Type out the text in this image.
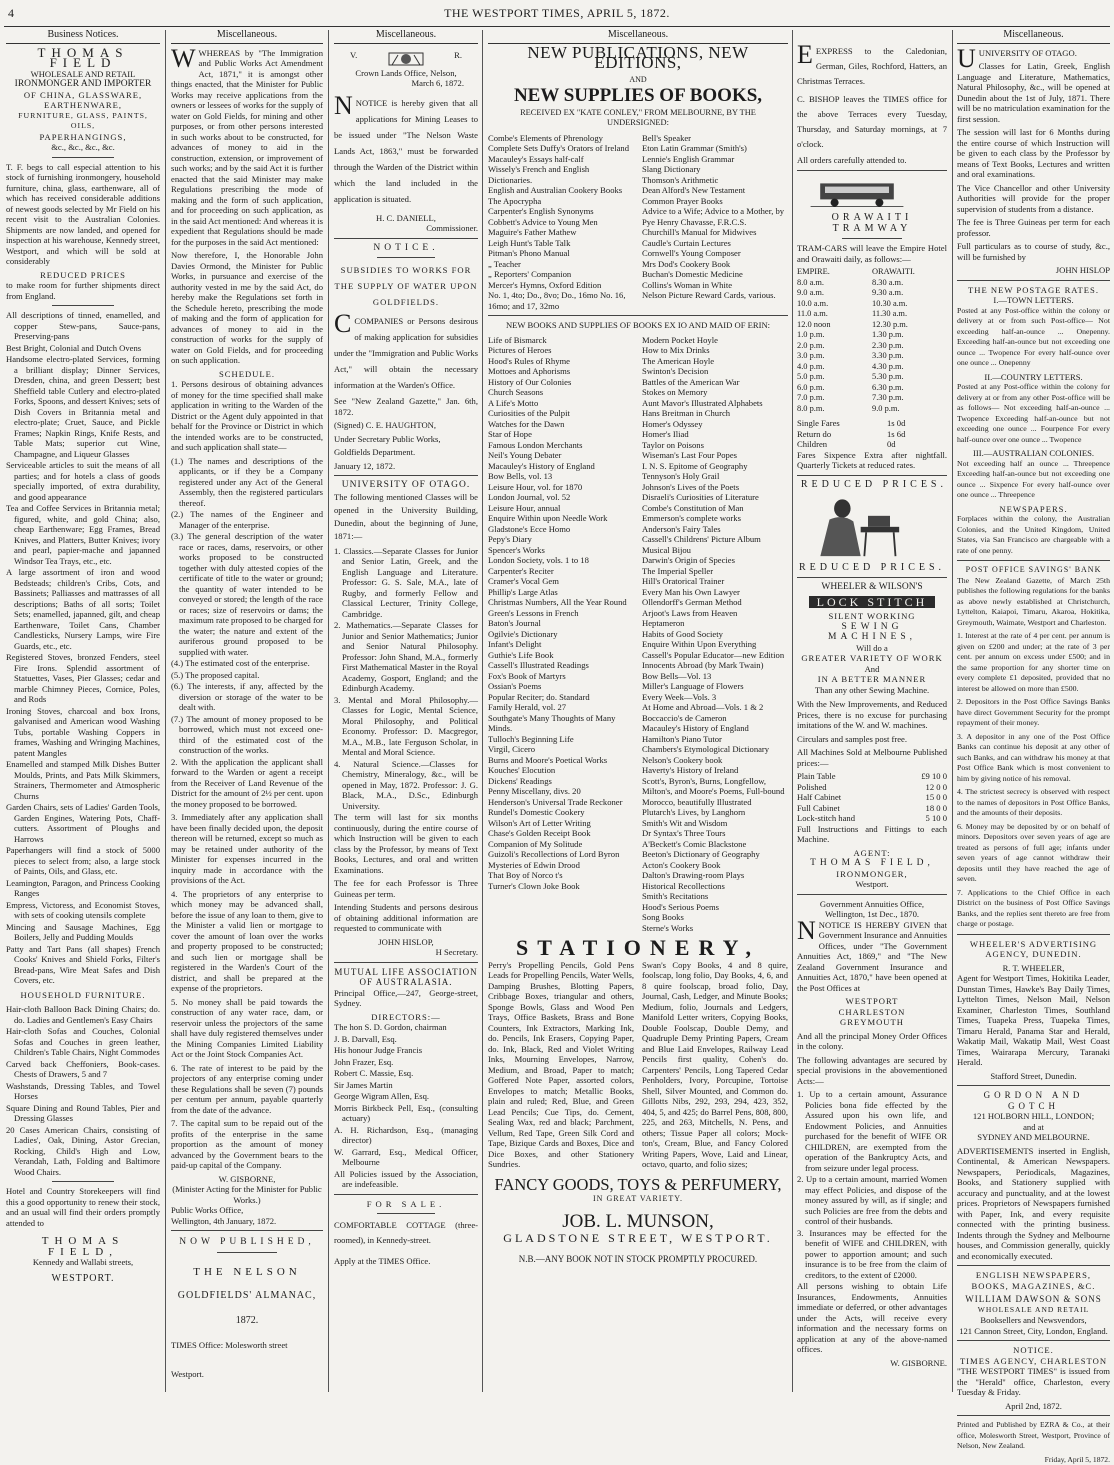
4	THE WESTPORT TIMES, APRIL 5, 1872.
Business Notices.
THOMAS FIELD
WHOLESALE AND RETAIL
IRONMONGER AND IMPORTER
OF CHINA, GLASSWARE,
EARTHENWARE,
FURNITURE, GLASS, PAINTS, OILS,
PAPERHANGINGS,
&c., &c., &c., &c.

T. F. begs to call especial attention to his stock of furnishing ironmongery, household furniture, china, glass, earthenware, all of which has received considerable additions of newest goods selected by Mr Field on his recent visit to the Australian Colonies. Shipments are now landed, and opened for inspection at his warehouse, Kennedy street, Westport, and which will be sold at considerably

REDUCED PRICES

to make room for further shipments direct from England.

All descriptions of tinned, enamelled, and copper Stew-pans, Sauce-pans, Preserving-pans

Best Bright, Colonial and Dutch Ovens

Handsome electro-plated Services, forming a brilliant display; Dinner Services, Dresden, china, and green Dessert; best Sheffield table Cutlery and electro-plated Forks, Spoons, and dessert Knives; sets of Dish Covers in Britannia metal and electro-plate; Cruet, Sauce, and Pickle Frames; Napkin Rings, Knife Rests, and Table Mats; superior cut Wine, Champagne, and Liqueur Glasses

Serviceable articles to suit the means of all parties; and for hotels a class of goods specially imported, of extra durability, and good appearance

Tea and Coffee Services in Britannia metal; figured, white, and gold China; also, cheap Earthenware; Egg Frames, Bread Knives, and Platters, Butter Knives; ivory and pearl, papier-mache and japanned Windsor Tea Trays, etc., etc.

A large assortment of iron and wood Bedsteads; children's Cribs, Cots, and Bassinets; Palliasses and mattrasses of all descriptions; Baths of all sorts; Toilet Sets; enamelled, japanned, gilt, and cheap Earthenware, Toilet Cans, Chamber Candlesticks, Nursery Lamps, wire Fire Guards, etc., etc.

Registered Stoves, bronzed Fenders, steel Fire Irons. Splendid assortment of Statuettes, Vases, Pier Glasses; cedar and marble Chimney Pieces, Cornice, Poles, and Rods

Ironing Stoves, charcoal and box Irons, galvanised and American wood Washing Tubs, portable Washing Coppers in frames, Washing and Wringing Machines, patent Mangles

Enamelled and stamped Milk Dishes Butter Moulds, Prints, and Pats Milk Skimmers, Strainers, Thermometer and Atmospheric Churns

Garden Chairs, sets of Ladies' Garden Tools, Garden Engines, Watering Pots, Chaff-cutters. Assortment of Ploughs and Harrows

Paperhangers will find a stock of 5000 pieces to select from; also, a large stock of Paints, Oils, and Glass, etc.

Leamington, Paragon, and Princess Cooking Ranges

Empress, Victoress, and Economist Stoves, with sets of cooking utensils complete

Mincing and Sausage Machines, Egg Boilers, Jelly and Pudding Moulds

Patty and Tart Pans (all shapes) French Cooks' Knives and Shield Forks, Filter's Bread-pans, Wire Meat Safes and Dish Covers, etc.

HOUSEHOLD FURNITURE.

Hair-cloth Balloon Back Dining Chairs; do. do. Ladies and Gentlemen's Easy Chairs

Hair-cloth Sofas and Couches, Colonial Sofas and Couches in green leather, Children's Table Chairs, Night Commodes

Carved back Cheffoniers, Book-cases. Chests of Drawers, 5 and 7

Washstands, Dressing Tables, and Towel Horses

Square Dining and Round Tables, Pier and Dressing Glasses

20 Cases American Chairs, consisting of Ladies', Oak, Dining, Astor Grecian, Rocking, Child's High and Low, Verandah, Lath, Folding and Baltimore Wood Chairs.

Hotel and Country Storekeepers will find this a good opportunity to renew their stock, and an usual will find their orders promptly attended to

THOMAS FIELD,
Kennedy and Wallabi streets,
WESTPORT.
Miscellaneous.

WWHEREAS by "The Immigration and Public Works Act Amendment Act, 1871," it is amongst other things enacted, that the Minister for Public Works may receive applications from the owners or lessees of works for the supply of water on Gold Fields, for mining and other purposes, or from other persons interested in such works about to be constructed, for advances of money to aid in the construction, extension, or improvement of such works; and by the said Act it is further enacted that the said Minister may make Regulations prescribing the mode of making and the form of such application, and for proceeding on such application, as in the said Act mentioned: And whereas it is expedient that Regulations should be made for the purposes in the said Act mentioned:

Now therefore, I, the Honorable John Davies Ormond, the Minister for Public Works, in pursuance and exercise of the authority vested in me by the said Act, do hereby make the Regulations set forth in the Schedule hereto, prescribing the mode of making and the form of application for advances of money to aid in the construction of works for the supply of water on Gold Fields, and for proceeding on such application.

SCHEDULE.

1. Persons desirous of obtaining advances of money for the time specified shall make application in writing to the Warden of the District or the Agent duly appointed in that behalf for the Province or District in which the intended works are to be constructed, and such application shall state—

(1.) The names and descriptions of the applicants, or if they be a Company registered under any Act of the General Assembly, then the registered particulars thereof.

(2.) The names of the Engineer and Manager of the enterprise.

(3.) The general description of the water race or races, dams, reservoirs, or other works proposed to be constructed together with duly attested copies of the certificate of title to the water or ground; the quantity of water intended to be conveyed or stored; the length of the race or races; size of reservoirs or dams; the maximum rate proposed to be charged for the water; the nature and extent of the auriferous ground proposed to be supplied with water.

(4.) The estimated cost of the enterprise.

(5.) The proposed capital.

(6.) The interests, if any, affected by the diversion or storage of the water to be dealt with.

(7.) The amount of money proposed to be borrowed, which must not exceed one-third of the estimated cost of the construction of the works.

2. With the application the applicant shall forward to the Warden or agent a receipt from the Receiver of Land Revenue of the District for the amount of 2½ per cent. upon the money proposed to be borrowed.

3. Immediately after any application shall have been finally decided upon, the deposit thereon will be returned, except so much as may be retained under authority of the Minister for expenses incurred in the inquiry made in accordance with the provisions of the Act.

4. The proprietors of any enterprise to which money may be advanced shall, before the issue of any loan to them, give to the Minister a valid lien or mortgage to cover the amount of loan over the works and property proposed to be constructed; and such lien or mortgage shall be registered in the Warden's Court of the district, and shall be prepared at the expense of the proprietors.

5. No money shall be paid towards the construction of any water race, dam, or reservoir unless the projectors of the same shall have duly registered themselves under the Mining Companies Limited Liability Act or the Joint Stock Companies Act.

6. The rate of interest to be paid by the projectors of any enterprise coming under these Regulations shall be seven (7) pounds per centum per annum, payable quarterly from the date of the advance.

7. The capital sum to be repaid out of the profits of the enterprise in the same proportion as the amount of money advanced by the Government bears to the paid-up capital of the Company.

W. GISBORNE,
(Minister Acting for the Minister for Public Works.)
Public Works Office,
Wellington, 4th January, 1872.
NOW PUBLISHED,
THE NELSON
GOLDFIELDS' ALMANAC,
1872.
TIMES Office: Molesworth street
Westport.
Miscellaneous.
V.	R.
Crown Lands Office, Nelson,
March 6, 1872.

NNOTICE is hereby given that all applications for Mining Leases to be issued under "The Nelson Waste Lands Act, 1863," must be forwarded through the Warden of the District within which the land included in the application is situated.

H. C. DANIELL,
Commissioner.
NOTICE.

SUBSIDIES TO WORKS FOR THE SUPPLY OF WATER UPON GOLDFIELDS.

CCOMPANIES or Persons desirous of making application for subsidies under the "Immigration and Public Works Act," will obtain the necessary information at the Warden's Office.

See "New Zealand Gazette," Jan. 6th, 1872.

(Signed) C. E. HAUGHTON,

Under Secretary Public Works,

Goldfields Department.

January 12, 1872.

UNIVERSITY OF OTAGO.

The following mentioned Classes will be opened in the University Building, Dunedin, about the beginning of June, 1871:—

1. Classics.—Separate Classes for Junior and Senior Latin, Greek, and the English Language and Literature. Professor: G. S. Sale, M.A., late of Rugby, and formerly Fellow and Classical Lecturer, Trinity College, Cambridge.

2. Mathematics.—Separate Classes for Junior and Senior Mathematics; Junior and Senior Natural Philosophy. Professor: John Shand, M.A., formerly First Mathematical Master in the Royal Academy, Gosport, England; and the Edinburgh Academy.

3. Mental and Moral Philosophy.—Classes for Logic, Mental Science, Moral Philosophy, and Political Economy. Professor: D. Macgregor, M.A., M.B., late Ferguson Scholar, in Mental and Moral Science.

4. Natural Science.—Classes for Chemistry, Mineralogy, &c., will be opened in May, 1872. Professor: J. G. Black, M.A., D.Sc., Edinburgh University.

The term will last for six months continuously, during the entire course of which Instruction will be given to each class by the Professor, by means of Text Books, Lectures, and oral and written Examinations.

The fee for each Professor is Three Guineas per term.

Intending Students and persons desirous of obtaining additional information are requested to communicate with

JOHN HISLOP,
H Secretary.
MUTUAL LIFE ASSOCIATION OF AUSTRALASIA.

Principal Office,—247, George-street, Sydney.

DIRECTORS:—

The hon S. D. Gordon, chairman

J. B. Darvall, Esq.

His honour Judge Francis

John Frazer, Esq.

Robert C. Massie, Esq.

Sir James Martin

George Wigram Allen, Esq.

Morris Birkbeck Pell, Esq., (consulting actuary)

A. H. Richardson, Esq., (managing director)

W. Garrard, Esq., Medical Officer, Melbourne

All Policies issued by the Association, are indefeasible.

FOR SALE.

COMFORTABLE COTTAGE (three-roomed), in Kennedy-street.

Apply at the TIMES Office.

Miscellaneous.
NEW PUBLICATIONS, NEW EDITIONS,
AND
NEW SUPPLIES OF BOOKS,
RECEIVED EX "KATE CONLEY," FROM MELBOURNE, BY THE
UNDERSIGNED:

Combe's Elements of Phrenology

Complete Sets Duffy's Orators of Ireland

Macauley's Essays half-calf

Wissely's French and English Dictionaries.

English and Australian Cookery Books

The Apocrypha

Carpenter's English Synonyms

Cobbett's Advice to Young Men

Maguire's Father Mathew

Leigh Hunt's Table Talk

Pitman's Phono Manual

„ Teacher

„ Reporters' Companion

Mercer's Hymns, Oxford Edition

No. 1, 4to; Do., 8vo; Do., 16mo No. 16, 16mo; and 17, 32mo

Bell's Speaker

Eton Latin Grammar (Smith's)

Lennie's English Grammar

Slang Dictionary

Thomson's Arithmetic

Dean Alford's New Testament

Common Prayer Books

Advice to a Wife; Advice to a Mother, by Pye Henry Chavasse, F.R.C.S.

Churchill's Manual for Midwives

Caudle's Curtain Lectures

Cornwell's Young Composer

Mrs Dod's Cookery Book

Buchan's Domestic Medicine

Collins's Woman in White

Nelson Picture Reward Cards, various.

NEW BOOKS AND SUPPLIES OF BOOKS EX IO AND MAID OF ERIN:

Life of Bismarck

Pictures of Heroes

Hood's Rules of Rhyme

Mottoes and Aphorisms

History of Our Colonies

Church Seasons

A Life's Motto

Curiosities of the Pulpit

Watches for the Dawn

Star of Hope

Famous London Merchants

Neil's Young Debater

Macauley's History of England

Bow Bells, vol. 13

Leisure Hour, vol. for 1870

London Journal, vol. 52

Leisure Hour, annual

Enquire Within upon Needle Work

Gladstone's Ecce Homo

Pepy's Diary

Spencer's Works

London Society, vols. 1 to 18

Carpenter's Reciter

Cramer's Vocal Gem

Phillip's Large Atlas

Christmas Numbers, All the Year Round

Green's Lessons in French

Baton's Journal

Ogilvie's Dictionary

Infant's Delight

Guthie's Life Book

Cassell's Illustrated Readings

Fox's Book of Martyrs

Ossian's Poems

Popular Reciter; do. Standard

Family Herald, vol. 27

Southgate's Many Thoughts of Many Minds.

Tulloch's Beginning Life

Virgil, Cicero

Burns and Moore's Poetical Works

Kouches' Elocution

Dickens' Readings

Penny Miscellany, divs. 20

Henderson's Universal Trade Reckoner

Rundel's Domestic Cookery

Wilson's Art of Letter Writing

Chase's Golden Receipt Book

Companion of My Solitude

Guizoli's Recollections of Lord Byron

Mysteries of Edwin Drood

That Boy of Norco t's

Turner's Clown Joke Book

Modern Pocket Hoyle

How to Mix Drinks

The American Hoyle

Swinton's Decision

Battles of the American War

Stokes on Memory

Aunt Mavor's Illustrated Alphabets

Hans Breitman in Church

Homer's Odyssey

Homer's Iliad

Taylor on Poisons

Wiseman's Last Four Popes

I. N. S. Epitome of Geography

Tennyson's Holy Grail

Johnson's Lives of the Poets

Disraeli's Curiosities of Literature

Combe's Constitution of Man

Emmerson's complete works

Anderson's Fairy Tales

Cassell's Childrens' Picture Album

Musical Bijou

Darwin's Origin of Species

The Imperial Speller

Hill's Oratorical Trainer

Every Man his Own Lawyer

Ollendorff's German Method

Arjoot's Laws from Heaven

Heptameron

Habits of Good Society

Enquire Within Upon Everything

Cassell's Popular Educator—new Edition

Innocents Abroad (by Mark Twain)

Bow Bells—Vol. 13

Miller's Language of Flowers

Every Week—Vols. 3

At Home and Abroad—Vols. 1 & 2

Boccaccio's de Cameron

Macauley's History of England

Hamilton's Piano Tutor

Chambers's Etymological Dictionary

Nelson's Cookery book

Haverty's History of Ireland

Scott's, Byron's, Burns, Longfellow, Milton's, and Moore's Poems, Full-bound Morocco, beautifully Illustrated

Plutarch's Lives, by Langhorn

Smith's Wit and Wisdom

Dr Syntax's Three Tours

A'Beckett's Comic Blackstone

Beeton's Dictionary of Geography

Acton's Cookery Book

Dalton's Drawing-room Plays

Historical Recollections

Smith's Recitations

Hood's Serious Poems

Song Books

Sterne's Works

STATIONERY,

Perry's Propelling Pencils, Gold Pens Leads for Propelling Pencils, Water Wells, Damping Brushes, Blotting Papers, Cribbage Boxes, triangular and others, Sponge Bowls, Glass and Wood Pen Trays, Office Baskets, Brass and Bone Counters, Ink Extractors, Marking Ink, do. Pencils, Ink Erasers, Copying Paper, do. Ink, Black, Red and Violet Writing Inks, Mourning Envelopes, Narrow, Medium, and Broad, Paper to match; Goffered Note Paper, assorted colors, Envelopes to match; Metallic Books, plain and ruled; Red, Blue, and Green Lead Pencils; Cue Tips, do. Cement, Sealing Wax, red and black; Parchment, Vellum, Red Tape, Green Silk Cord and Tape, Bizique Cards and Boxes, Dice and Dice Boxes, and other Stationery Sundries.

Swan's Copy Books, 4 and 8 quire, foolscap, long folio, Day Books, 4, 6, and 8 quire foolscap, broad folio, Day, Journal, Cash, Ledger, and Minute Books; Medium, folio, Journals and Ledgers, Manifold Letter writers, Copying Books, Double Foolscap, Double Demy, and Quadruple Demy Printing Papers, Cream and Blue Laid Envelopes, Railway Lead Pencils first quality, Cohen's do. Carpenters' Pencils, Long Tapered Cedar Penholders, Ivory, Porcupine, Tortoise Shell, Silver Mounted, and Common do. Gillotts Nibs, 292, 293, 294, 423, 352, 404, 5, and 425; do Barrel Pens, 808, 800, 225, and 263, Mitchells, N. Pens, and others; Tissue Paper all colors; Mock-ton's, Cream, Blue, and Fancy Colored Writing Papers, Wove, Laid and Linear, octavo, quarto, and folio sizes;

FANCY GOODS, TOYS & PERFUMERY,
IN GREAT VARIETY.
JOB. L. MUNSON,
GLADSTONE STREET, WESTPORT.
N.B.—ANY BOOK NOT IN STOCK PROMPTLY PROCURED.

EEXPRESS to the Caledonian, German, Giles, Rochford, Hatters, an Christmas Terraces.

C. BISHOP leaves the TIMES office for the above Terraces every Tuesday, Thursday, and Saturday mornings, at 7 o'clock.

All orders carefully attended to.

ORAWAITI TRAMWAY

TRAM-CARS will leave the Empire Hotel and Orawaiti daily, as follows:—

EMPIRE.	ORAWAITI.
8.0 a.m.	8.30 a.m.
9.0 a.m.	9.30 a.m.
10.0 a.m.	10.30 a.m.
11.0 a.m.	11.30 a.m.
12.0 noon	12.30 p.m.
1.0 p.m.	1.30 p.m.
2.0 p.m.	2.30 p.m.
3.0 p.m.	3.30 p.m.
4.0 p.m.	4.30 p.m.
5.0 p.m.	5.30 p.m.
6.0 p.m.	6.30 p.m.
7.0 p.m.	7.30 p.m.
8.0 p.m.	9.0 p.m.
Single Fares	1s 0d
Return do	1s 6d
Children	0d

Fares Sixpence Extra after nightfall. Quarterly Tickets at reduced rates.

REDUCED PRICES.
REDUCED PRICES.
WHEELER & WILSON'S
LOCK STITCH
SILENT WORKING
SEWING MACHINES,
Will do a
GREATER VARIETY OF WORK
And
IN A BETTER MANNER
Than any other Sewing Machine.

With the New Improvements, and Reduced Prices, there is no excuse for purchasing imitations of the W. and W. machines.

Circulars and samples post free.

All Machines Sold at Melbourne Published prices:—

Plain Table	£9 10 0
Polished	12 0 0
Half Cabinet	15 0 0
Full Cabinet	18 0 0
Lock-stitch hand	5 10 0

Full Instructions and Fittings to each Machine.

AGENT:
THOMAS FIELD,
IRONMONGER,
Westport.
Government Annuities Office,
Wellington, 1st Dec., 1870.

NNOTICE IS HEREBY GIVEN that Government Insurance and Annuities Offices, under "The Government Annuities Act, 1869," and "The New Zealand Government Insurance and Annuities Act, 1870," have been opened at the Post Offices at

WESTPORT
CHARLESTON
GREYMOUTH

And all the principal Money Order Offices in the colony.

The following advantages are secured by special provisions in the abovementioned Acts:—

1. Up to a certain amount, Assurance Policies bona fide effected by the Assured upon his own life, and Endowment Policies, and Annuities purchased for the benefit of WIFE OR CHILDREN, are exempted from the operation of the Bankruptcy Acts, and from seizure under legal process.

2. Up to a certain amount, married Women may effect Policies, and dispose of the money assured by will, as if single; and such Policies are free from the debts and control of their husbands.

3. Insurances may be effected for the benefit of WIFE and CHILDREN, with power to apportion amount; and such insurance is to be free from the claim of creditors, to the extent of £2000.

All persons wishing to obtain Life Insurances, Endowments, Annuities immediate or deferred, or other advantages under the Acts, will receive every information and the necessary forms on application at any of the above-named offices.

W. GISBORNE.
Miscellaneous.

UUNIVERSITY OF OTAGO.

Classes for Latin, Greek, English Language and Literature, Mathematics, Natural Philosophy, &c., will be opened at Dunedin about the 1st of July, 1871. There will be no matriculation examination for the first session.

The session will last for 6 Months during the entire course of which Instruction will be given to each class by the Professor by means of Text Books, Lectures and written and oral examinations.

The Vice Chancellor and other University Authorities will provide for the proper supervision of students from a distance.

The fee is Three Guineas per term for each professor.

Full particulars as to course of study, &c., will be furnished by

JOHN HISLOP
THE NEW POSTAGE RATES.
I.—TOWN LETTERS.

Posted at any Post-office within the colony or delivery at or from such Post-office— Not exceeding half-an-ounce ... Onepenny. Exceeding half-an-ounce but not exceeding one ounce ... Twopence For every half-ounce over one ounce ... Onepenny

II.—COUNTRY LETTERS.

Posted at any Post-office within the colony for delivery at or from any other Post-office will be as follows— Not exceeding half-an-ounce ... Twopence Exceeding half-an-ounce but not exceeding one ounce ... Fourpence For every half-ounce over one ounce ... Twopence

III.—AUSTRALIAN COLONIES.

Not exceeding half an ounce ... Threepence Exceeding half-an-ounce but not exceeding one ounce ... Sixpence For every half-ounce over one ounce ... Threepence

NEWSPAPERS.

Forplaces within the colony, the Australian Colonies, and the United Kingdom, United States, via San Francisco are chargeable with a rate of one penny.

POST OFFICE SAVINGS' BANK

The New Zealand Gazette, of March 25th publishes the following regulations for the banks as above newly established at Christchurch, Lyttelton, Kaiapoi, Timaru, Akaroa, Hokitika, Greymouth, Waimate, Westport and Charleston.

1. Interest at the rate of 4 per cent. per annum is given on £200 and under; at the rate of 3 per cent. per annum on excess under £500; and in the same proportion for any shorter time on every complete £1 deposited, provided that no interest be allowed on more than £500.

2. Depositors in the Post Office Savings Banks have direct Government Security for the prompt repayment of their money.

3. A depositor in any one of the Post Office Banks can continue his deposit at any other of such Banks, and can withdraw his money at that Post Office Bank which is most convenient to him by giving notice of his removal.

4. The strictest secrecy is observed with respect to the names of depositors in Post Office Banks, and the amounts of their deposits.

6. Money may be deposited by or on behalf of minors. Depositors over seven years of age are treated as persons of full age; infants under seven years of age cannot withdraw their deposits until they have reached the age of seven.

7. Applications to the Chief Office in each District on the business of Post Office Savings Banks, and the replies sent thereto are free from charge or postage.

WHEELER'S ADVERTISING AGENCY, DUNEDIN.

R. T. WHEELER,

Agent for Westport Times, Hokitika Leader, Dunstan Times, Hawke's Bay Daily Times, Lyttelton Times, Nelson Mail, Nelson Examiner, Charleston Times, Southland Times, Tuapeka Press, Tuapeka Times, Timaru Herald, Panama Star and Herald, Wakatip Mail, Wakatip Mail, West Coast Times, Wairarapa Mercury, Taranaki Herald.

Stafford Street, Dunedin.
GORDON AND GOTCH
121 HOLBORN HILL, LONDON;
and at
SYDNEY AND MELBOURNE.

ADVERTISEMENTS inserted in English, Continental, & American Newspapers. Newspapers, Periodicals, Magazines, Books, and Stationery supplied with accuracy and punctuality, and at the lowest prices. Proprietors of Newspapers furnished with Paper, Ink, and every requisite connected with the printing business. Indents through the Sydney and Melbourne houses, and Commission generally, quickly and economically executed.

ENGLISH NEWSPAPERS, BOOKS, MAGAZINES, &C.

WILLIAM DAWSON & SONS
WHOLESALE AND RETAIL
Booksellers and Newsvendors,
121 Cannon Street, City, London, England.
NOTICE.
TIMES AGENCY, CHARLESTON

"THE WESTPORT TIMES" is issued from the "Herald" office, Charleston, every Tuesday & Friday.

April 2nd, 1872.

Printed and Published by EZRA & Co., at their office, Molesworth Street, Westport, Province of Nelson, New Zealand.

Friday, April 5, 1872.
